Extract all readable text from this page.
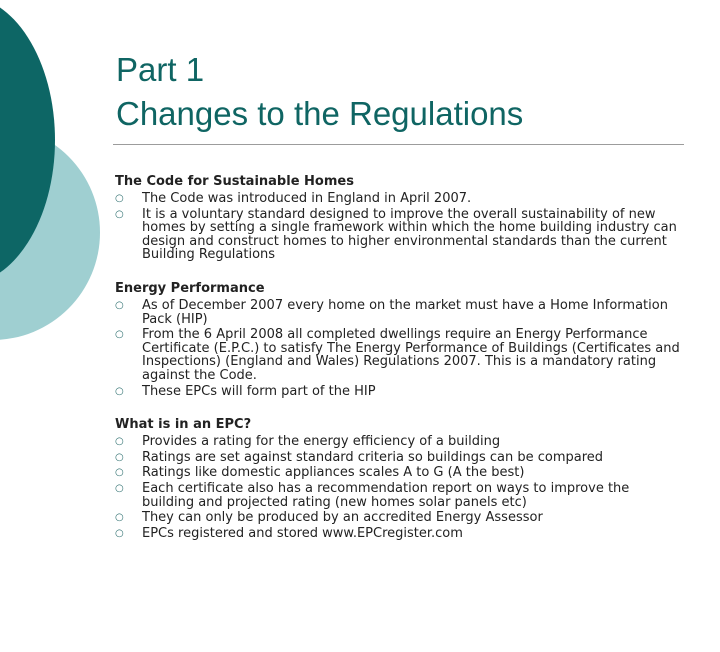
Part 1
Changes to the Regulations
The Code for Sustainable Homes
○	The Code was introduced in England in April 2007.
○	It is a voluntary standard designed to improve the overall sustainability of new homes by setting a single framework within which the home building industry can design and construct homes to higher environmental standards than the current Building Regulations
Energy Performance
○	As of December 2007 every home on the market must have a Home Information Pack (HIP)
○	From the 6 April 2008 all completed dwellings require an Energy Performance Certificate (E.P.C.) to satisfy The Energy Performance of Buildings (Certificates and Inspections) (England and Wales) Regulations 2007. This is a mandatory rating against the Code.
○	These EPCs will form part of the HIP
What is in an EPC?
○	Provides a rating for the energy efficiency of a building
○	Ratings are set against standard criteria so buildings can be compared
○	Ratings like domestic appliances scales A to G (A the best)
○	Each certificate also has a recommendation report on ways to improve the building and projected rating (new homes solar panels etc)
○	They can only be produced by an accredited Energy Assessor
○	EPCs registered and stored www.EPCregister.com
